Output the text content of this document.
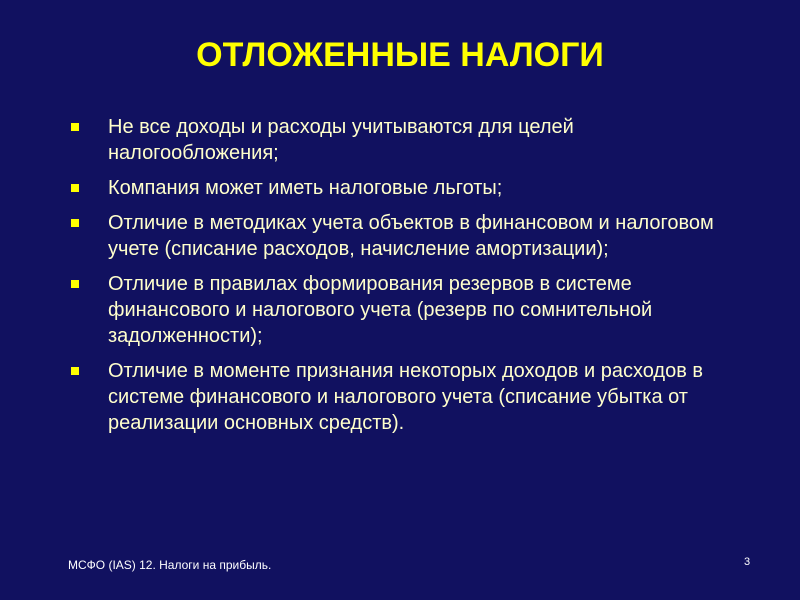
ОТЛОЖЕННЫЕ НАЛОГИ
Не все доходы и расходы учитываются для целей налогообложения;
Компания может иметь налоговые льготы;
Отличие в методиках учета объектов в финансовом и налоговом учете (списание расходов, начисление амортизации);
Отличие в правилах формирования резервов в системе финансового и налогового учета (резерв по сомнительной задолженности);
Отличие в моменте признания некоторых доходов и расходов в системе финансового и налогового учета (списание убытка от реализации основных средств).
МСФО (IAS) 12. Налоги на прибыль.	3
